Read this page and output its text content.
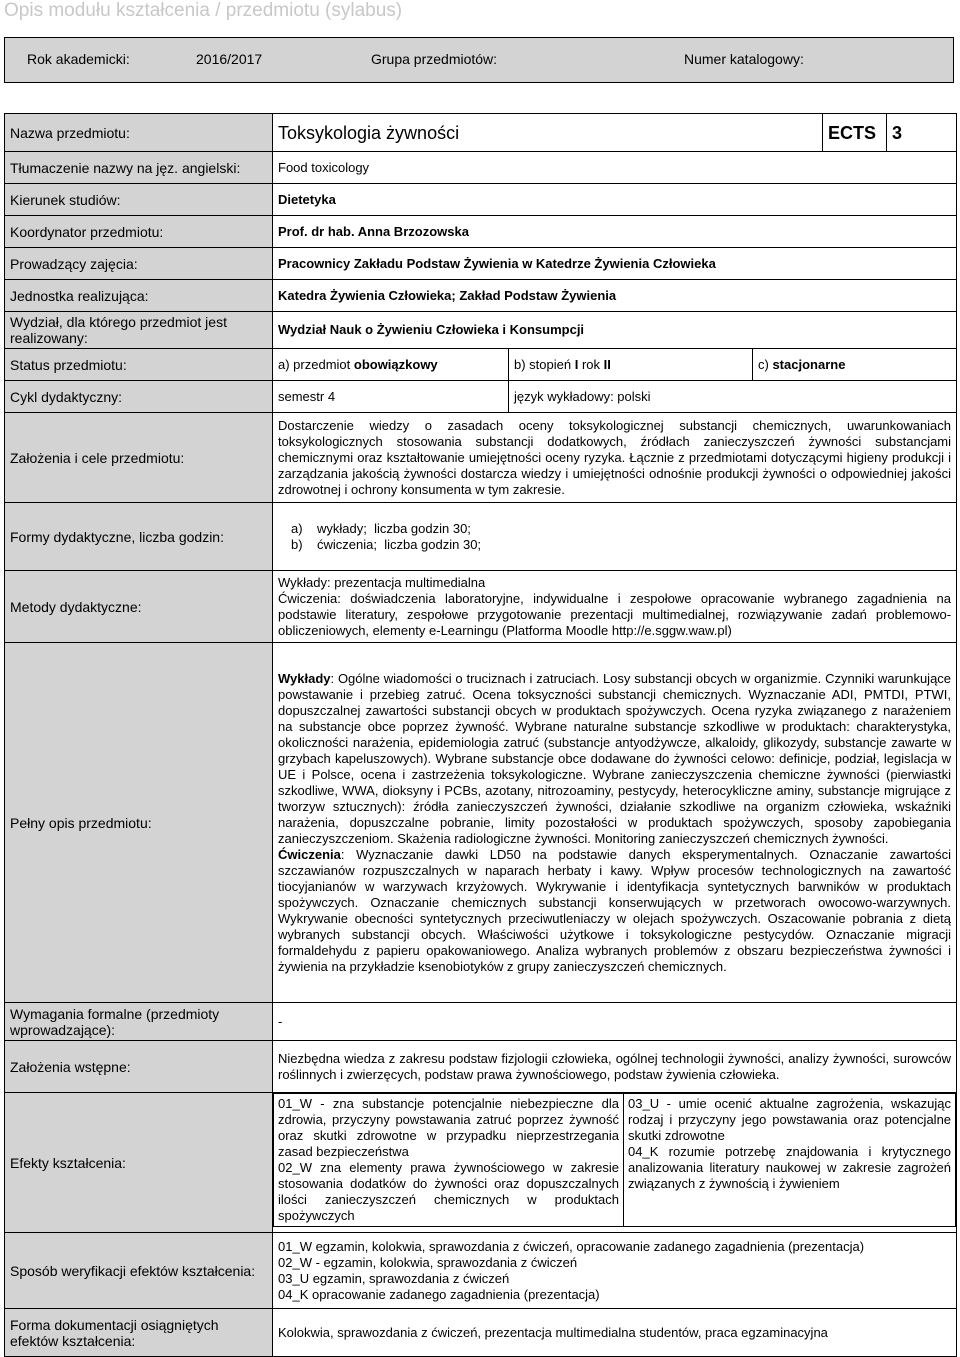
Opis modułu kształcenia / przedmiotu (sylabus)
Rok akademicki:	2016/2017	Grupa przedmiotów:	Numer katalogowy:
Nazwa przedmiotu:	Toksykologia żywności	ECTS	3
Tłumaczenie nazwy na jęz. angielski:	Food toxicology
Kierunek studiów:	Dietetyka
Koordynator przedmiotu:	Prof. dr hab. Anna Brzozowska
Prowadzący zajęcia:	Pracownicy Zakładu Podstaw Żywienia w Katedrze Żywienia Człowieka
Jednostka realizująca:	Katedra Żywienia Człowieka; Zakład Podstaw Żywienia
Wydział, dla którego przedmiot jest realizowany:	Wydział Nauk o Żywieniu Człowieka i Konsumpcji
Status przedmiotu:	a) przedmiot obowiązkowy	b) stopień I rok II	c) stacjonarne
Cykl dydaktyczny:	semestr 4	język wykładowy: polski
Założenia i cele przedmiotu:	Dostarczenie wiedzy o zasadach oceny toksykologicznej substancji chemicznych, uwarunkowaniach toksykologicznych stosowania substancji dodatkowych, źródłach zanieczyszczeń żywności substancjami chemicznymi oraz kształtowanie umiejętności oceny ryzyka. Łącznie z przedmiotami dotyczącymi higieny produkcji i zarządzania jakością żywności dostarcza wiedzy i umiejętności odnośnie produkcji żywności o odpowiedniej jakości zdrowotnej i ochrony konsumenta w tym zakresie.
Formy dydaktyczne, liczba godzin:	
a)    wykłady;  liczba godzin 30;
b)    ćwiczenia;  liczba godzin 30;

Metody dydaktyczne:	
Wykłady: prezentacja multimedialna
Ćwiczenia: doświadczenia laboratoryjne, indywidualne i zespołowe opracowanie wybranego zagadnienia na podstawie literatury, zespołowe przygotowanie prezentacji multimedialnej, rozwiązywanie zadań problemowo-obliczeniowych, elementy e-Learningu (Platforma Moodle http://e.sggw.waw.pl)

Pełny opis przedmiotu:	
Wykłady: Ogólne wiadomości o truciznach i zatruciach. Losy substancji obcych w organizmie. Czynniki warunkujące powstawanie i przebieg zatruć. Ocena toksyczności substancji chemicznych. Wyznaczanie ADI, PMTDI, PTWI, dopuszczalnej zawartości substancji obcych w produktach spożywczych. Ocena ryzyka związanego z narażeniem na substancje obce poprzez żywność. Wybrane naturalne substancje szkodliwe w produktach: charakterystyka, okoliczności narażenia, epidemiologia zatruć (substancje antyodżywcze, alkaloidy, glikozydy, substancje zawarte w grzybach kapeluszowych). Wybrane substancje obce dodawane do żywności celowo: definicje, podział, legislacja w UE i Polsce, ocena i zastrzeżenia toksykologiczne. Wybrane zanieczyszczenia chemiczne żywności (pierwiastki szkodliwe, WWA, dioksyny i PCBs, azotany, nitrozoaminy, pestycydy, heterocykliczne aminy, substancje migrujące z tworzyw sztucznych): źródła zanieczyszczeń żywności, działanie szkodliwe na organizm człowieka, wskaźniki narażenia, dopuszczalne pobranie, limity pozostałości w produktach spożywczych, sposoby zapobiegania zanieczyszczeniom. Skażenia radiologiczne żywności. Monitoring zanieczyszczeń chemicznych żywności.
Ćwiczenia: Wyznaczanie dawki LD50 na podstawie danych eksperymentalnych. Oznaczanie zawartości szczawianów rozpuszczalnych w naparach herbaty i kawy. Wpływ procesów technologicznych na zawartość tiocyjanianów w warzywach krzyżowych. Wykrywanie i identyfikacja syntetycznych barwników w produktach spożywczych. Oznaczanie chemicznych substancji konserwujących w przetworach owocowo-warzywnych. Wykrywanie obecności syntetycznych przeciwutleniaczy w olejach spożywczych. Oszacowanie pobrania z dietą wybranych substancji obcych. Właściwości użytkowe i toksykologiczne pestycydów. Oznaczanie migracji formaldehydu z papieru opakowaniowego. Analiza wybranych problemów z obszaru bezpieczeństwa żywności i żywienia na przykładzie ksenobiotyków z grupy zanieczyszczeń chemicznych.

Wymagania formalne (przedmioty wprowadzające):	-
Założenia wstępne:	Niezbędna wiedza z zakresu podstaw fizjologii człowieka, ogólnej technologii żywności, analizy żywności, surowców roślinnych i zwierzęcych, podstaw prawa żywnościowego, podstaw żywienia człowieka.
Efekty kształcenia:	
01_W - zna substancje potencjalnie niebezpieczne dla zdrowia, przyczyny powstawania zatruć poprzez żywność oraz skutki zdrowotne w przypadku nieprzestrzegania zasad bezpieczeństwa
02_W zna elementy prawa żywnościowego w zakresie stosowania dodatków do żywności oraz dopuszczalnych ilości zanieczyszczeń chemicznych w produktach spożywczych

03_U - umie ocenić aktualne zagrożenia, wskazując rodzaj i przyczyny jego powstawania oraz potencjalne skutki zdrowotne
04_K rozumie potrzebę znajdowania i krytycznego analizowania literatury naukowej w zakresie zagrożeń związanych z żywnością i żywieniem

Sposób weryfikacji efektów kształcenia:	
01_W egzamin, kolokwia, sprawozdania z ćwiczeń, opracowanie zadanego zagadnienia (prezentacja)
02_W - egzamin, kolokwia, sprawozdania z ćwiczeń
03_U egzamin, sprawozdania z ćwiczeń
04_K opracowanie zadanego zagadnienia (prezentacja)

Forma dokumentacji osiągniętych efektów kształcenia:	Kolokwia, sprawozdania z ćwiczeń, prezentacja multimedialna studentów, praca egzaminacyjna
